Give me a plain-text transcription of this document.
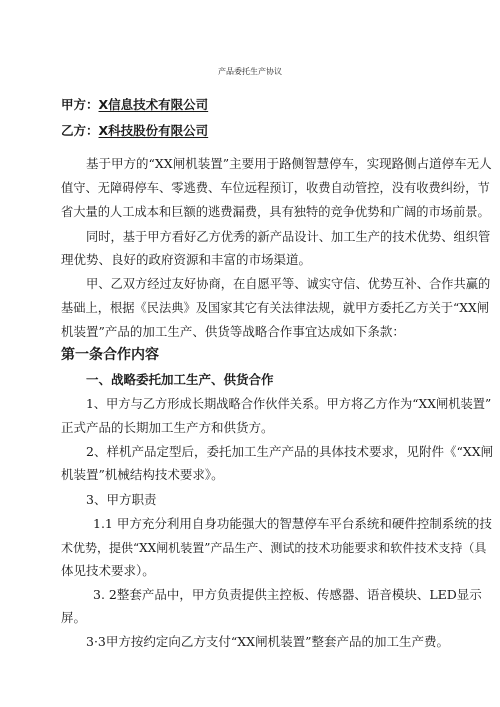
产品委托生产协议
甲方：X信息技术有限公司
乙方：X科技股份有限公司
基于甲方的“XX闸机装置”主要用于路侧智慧停车，实现路侧占道停车无人
值守、无障碍停车、零逃费、车位远程预订，收费自动管控，没有收费纠纷，节
省大量的人工成本和巨额的逃费漏费，具有独特的竞争优势和广阔的市场前景。
同时，基于甲方看好乙方优秀的新产品设计、加工生产的技术优势、组织管
理优势、良好的政府资源和丰富的市场渠道。
甲、乙双方经过友好协商，在自愿平等、诚实守信、优势互补、合作共赢的
基础上，根据《民法典》及国家其它有关法律法规，就甲方委托乙方关于“XX闸
机装置”产品的加工生产、供货等战略合作事宜达成如下条款：
第一条合作内容
一、战略委托加工生产、供货合作
1、甲方与乙方形成长期战略合作伙伴关系。甲方将乙方作为“XX闸机装置”
正式产品的长期加工生产方和供货方。
2、样机产品定型后，委托加工生产产品的具体技术要求，见附件《“XX闸
机装置”机械结构技术要求》。
3、甲方职责
1.1 甲方充分利用自身功能强大的智慧停车平台系统和硬件控制系统的技
术优势，提供“XX闸机装置”产品生产、测试的技术功能要求和软件技术支持（具
体见技术要求）。
3. 2整套产品中，甲方负责提供主控板、传感器、语音模块、LED显示
屏。
3·3甲方按约定向乙方支付“XX闸机装置”整套产品的加工生产费。
